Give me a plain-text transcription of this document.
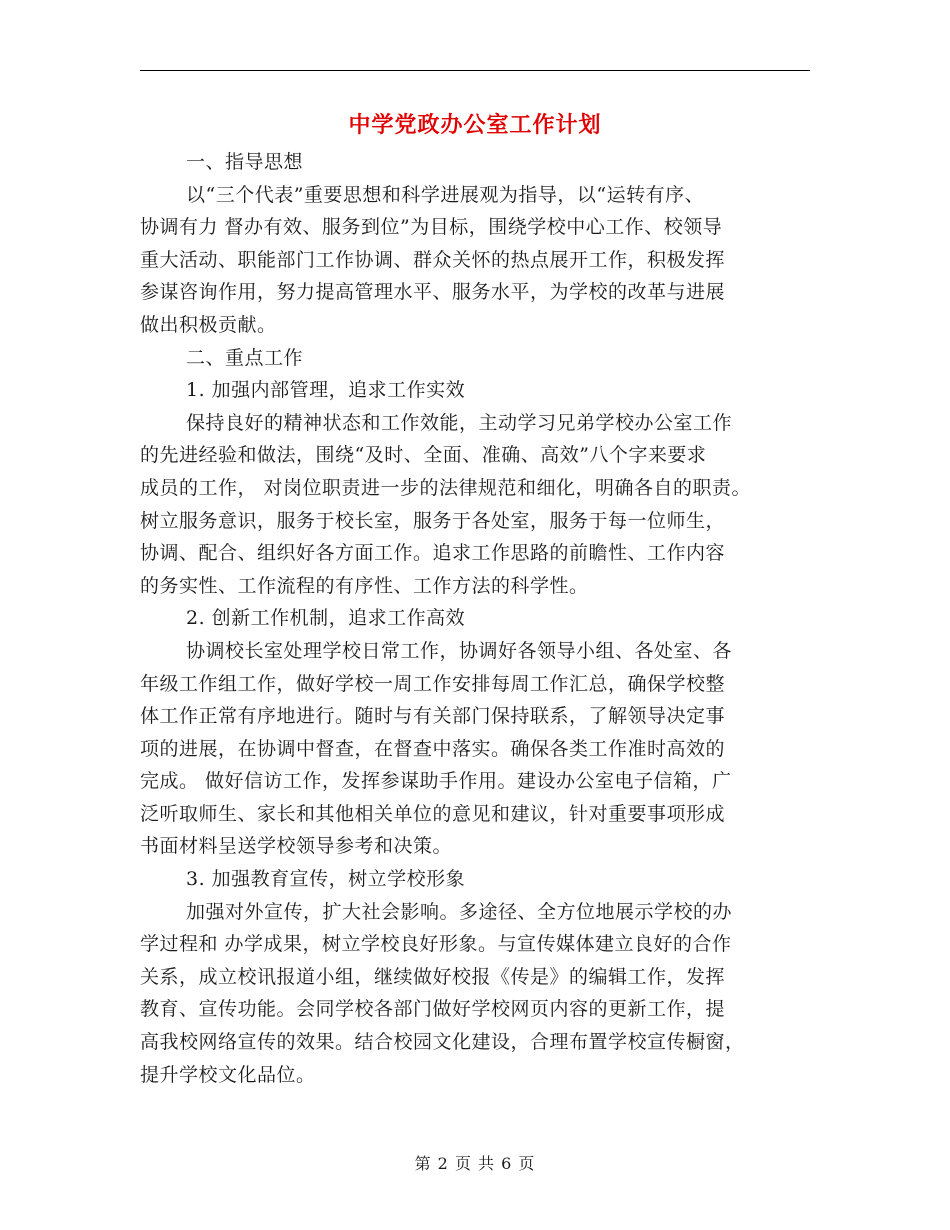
中学党政办公室工作计划
一、指导思想
以“三个代表”重要思想和科学进展观为指导，以“运转有序、
协调有力 督办有效、服务到位”为目标，围绕学校中心工作、校领导
重大活动、职能部门工作协调、群众关怀的热点展开工作，积极发挥
参谋咨询作用，努力提高管理水平、服务水平，为学校的改革与进展
做出积极贡献。
二、重点工作
1. 加强内部管理，追求工作实效
保持良好的精神状态和工作效能，主动学习兄弟学校办公室工作
的先进经验和做法，围绕“及时、全面、准确、高效”八个字来要求
成员的工作， 对岗位职责进一步的法律规范和细化，明确各自的职责。
树立服务意识，服务于校长室，服务于各处室，服务于每一位师生，
协调、配合、组织好各方面工作。追求工作思路的前瞻性、工作内容
的务实性、工作流程的有序性、工作方法的科学性。
2. 创新工作机制，追求工作高效
协调校长室处理学校日常工作，协调好各领导小组、各处室、各
年级工作组工作，做好学校一周工作安排每周工作汇总，确保学校整
体工作正常有序地进行。随时与有关部门保持联系，了解领导决定事
项的进展，在协调中督查，在督查中落实。确保各类工作准时高效的
完成。 做好信访工作，发挥参谋助手作用。建设办公室电子信箱，广
泛听取师生、家长和其他相关单位的意见和建议，针对重要事项形成
书面材料呈送学校领导参考和决策。
3. 加强教育宣传，树立学校形象
加强对外宣传，扩大社会影响。多途径、全方位地展示学校的办
学过程和 办学成果，树立学校良好形象。与宣传媒体建立良好的合作
关系，成立校讯报道小组，继续做好校报《传是》的编辑工作，发挥
教育、宣传功能。会同学校各部门做好学校网页内容的更新工作，提
高我校网络宣传的效果。结合校园文化建设，合理布置学校宣传橱窗，
提升学校文化品位。
第 2 页 共 6 页
